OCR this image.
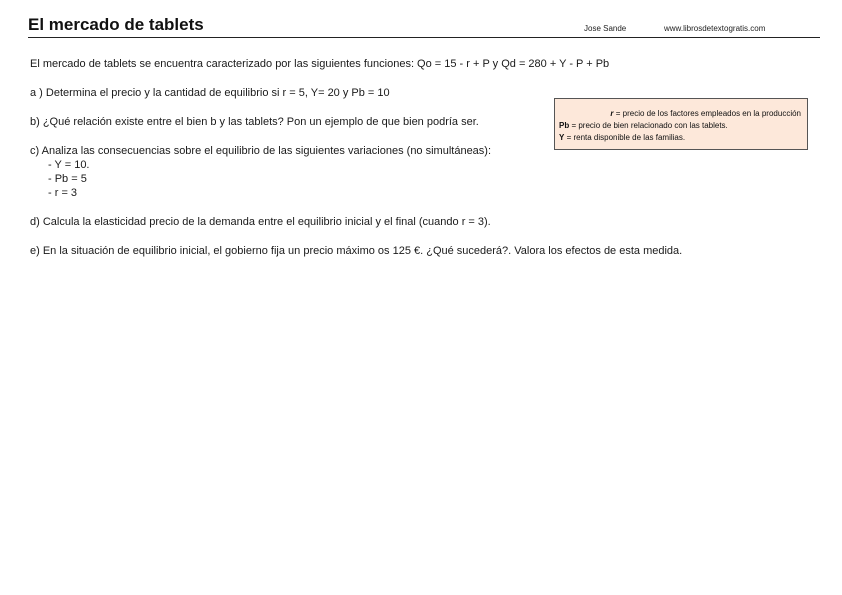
El mercado de tablets	Jose Sande	www.librosdetextogratis.com
El mercado de tablets se encuentra caracterizado por las siguientes funciones: Qo = 15 - r + P y Qd = 280 + Y - P + Pb
a ) Determina el precio y la cantidad de equilibrio si r = 5, Y= 20 y Pb = 10
b) ¿Qué relación existe entre el bien b y las tablets? Pon un ejemplo de que bien podría ser.
c) Analiza las consecuencias sobre el equilibrio de las siguientes variaciones (no simultáneas):
- Y = 10.
- Pb = 5
- r = 3
d) Calcula la elasticidad precio de la demanda entre el equilibrio inicial y el final (cuando r = 3).
e) En la situación de equilibrio inicial, el gobierno fija un precio máximo os 125 €. ¿Qué sucederá?. Valora los efectos de esta medida.
r = precio de los factores empleados en la producción
Pb = precio de bien relacionado con las tablets.
Y = renta disponible de las familias.
